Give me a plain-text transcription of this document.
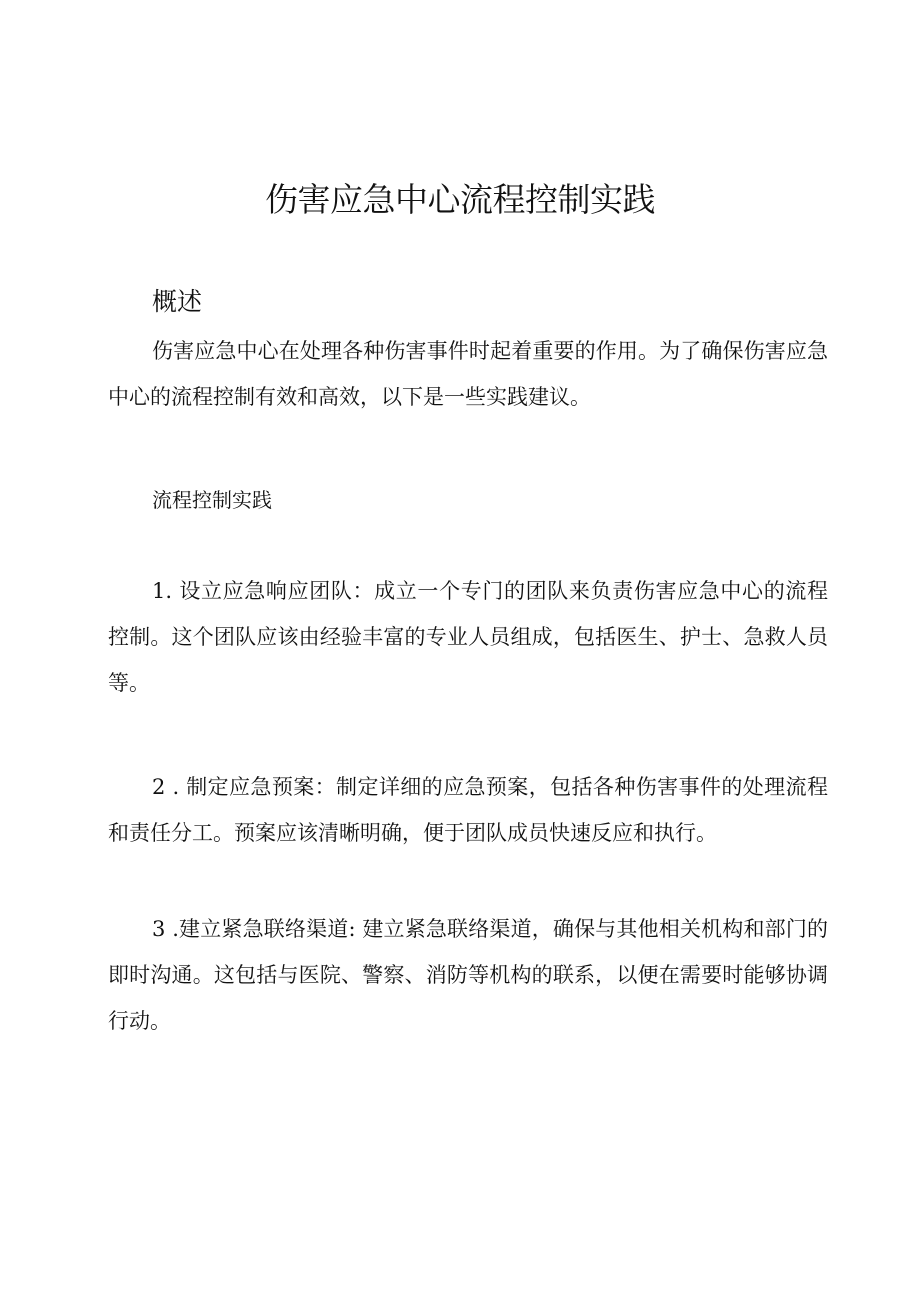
伤害应急中心流程控制实践
概述

伤害应急中心在处理各种伤害事件时起着重要的作用。为了确保伤害应急中心的流程控制有效和高效，以下是一些实践建议。

流程控制实践

1. 设立应急响应团队：成立一个专门的团队来负责伤害应急中心的流程控制。这个团队应该由经验丰富的专业人员组成，包括医生、护士、急救人员等。

2 . 制定应急预案：制定详细的应急预案，包括各种伤害事件的处理流程和责任分工。预案应该清晰明确，便于团队成员快速反应和执行。

3 .建立紧急联络渠道: 建立紧急联络渠道，确保与其他相关机构和部门的即时沟通。这包括与医院、警察、消防等机构的联系，以便在需要时能够协调行动。
